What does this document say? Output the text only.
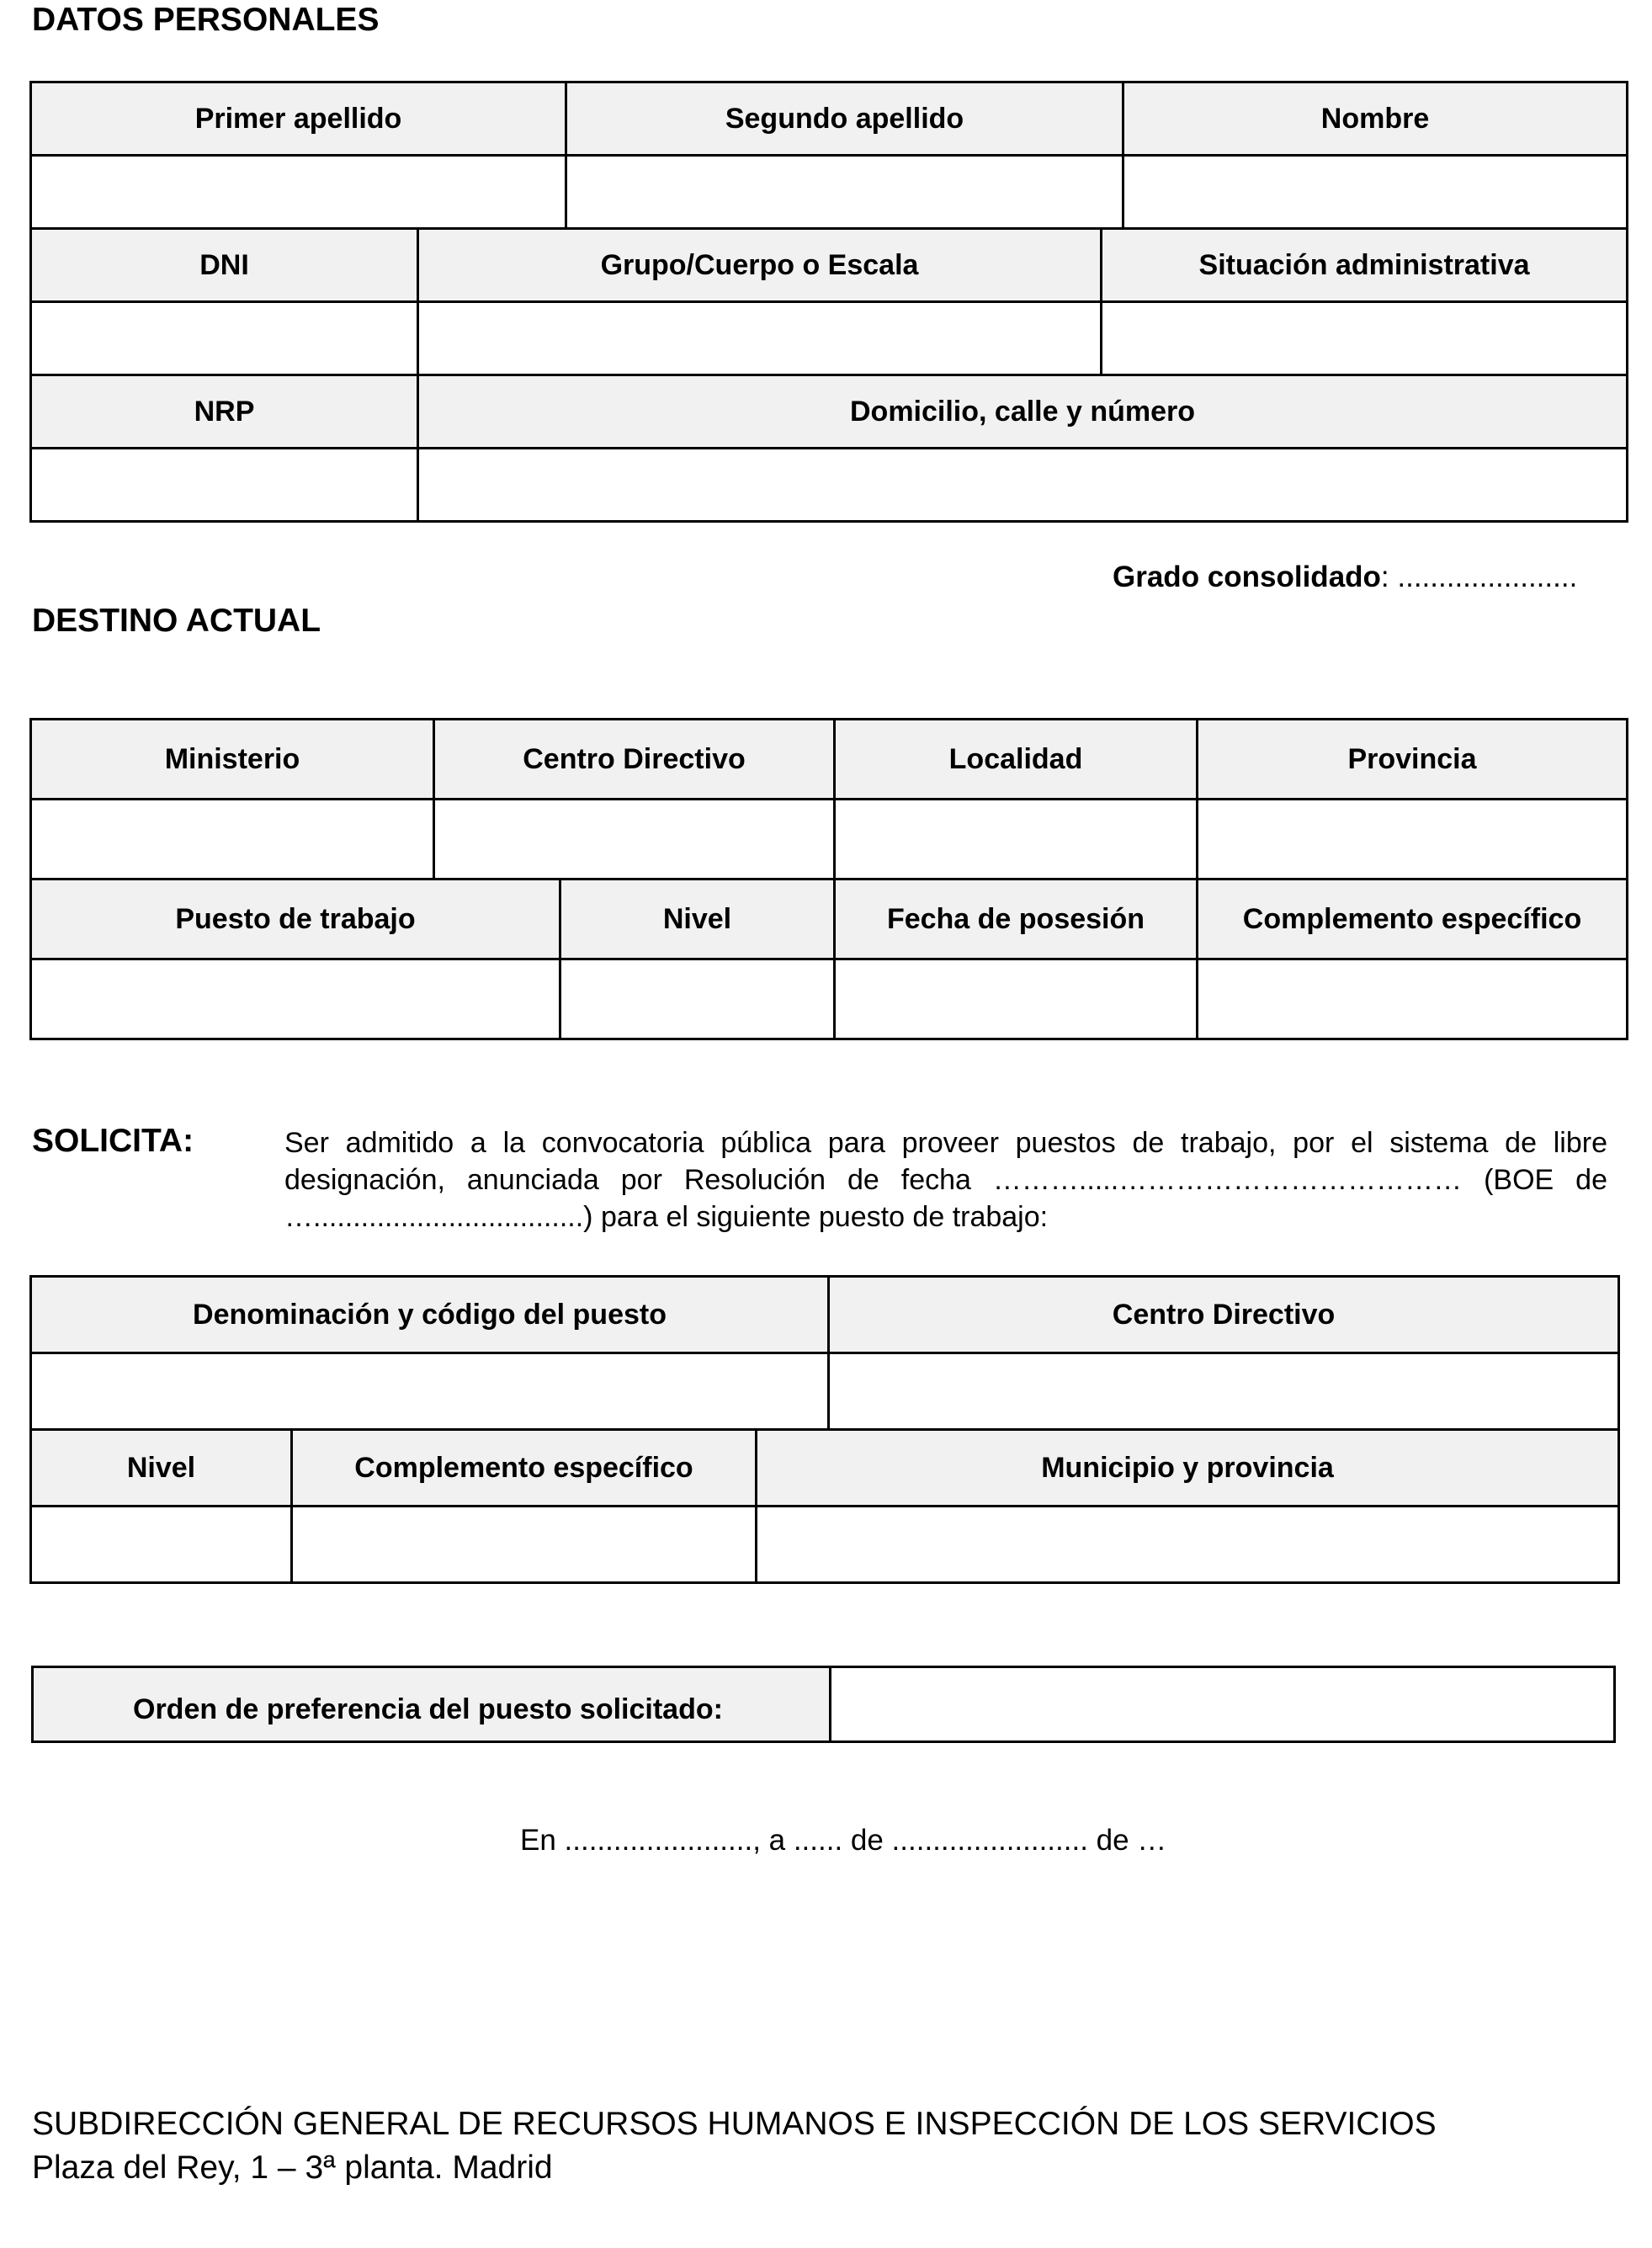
DATOS PERSONALES
Primer apellido		Segundo apellido		Nombre

DNI	Grupo/Cuerpo o Escala		Situación administrativa	

NRP	Domicilio, calle y número			

Grado consolidado: ......................
DESTINO ACTUAL
Ministerio	Centro Directivo		Localidad	Provincia

Puesto de trabajo		Nivel	Fecha de posesión	Complemento específico

SOLICITA:	Ser admitido a la convocatoria pública para proveer puestos de trabajo, por el sistema de libre designación, anunciada por Resolución de fecha ……….....……………………………… (BOE de …..................................) para el siguiente puesto de trabajo:
Denominación y código del puesto			Centro Directivo

Nivel	Complemento específico	Municipio y provincia	

Orden de preferencia del puesto solicitado:	
En ......................., a ...... de ........................ de …
SUBDIRECCIÓN GENERAL DE RECURSOS HUMANOS E INSPECCIÓN DE LOS SERVICIOS
Plaza del Rey, 1 – 3ª planta. Madrid
